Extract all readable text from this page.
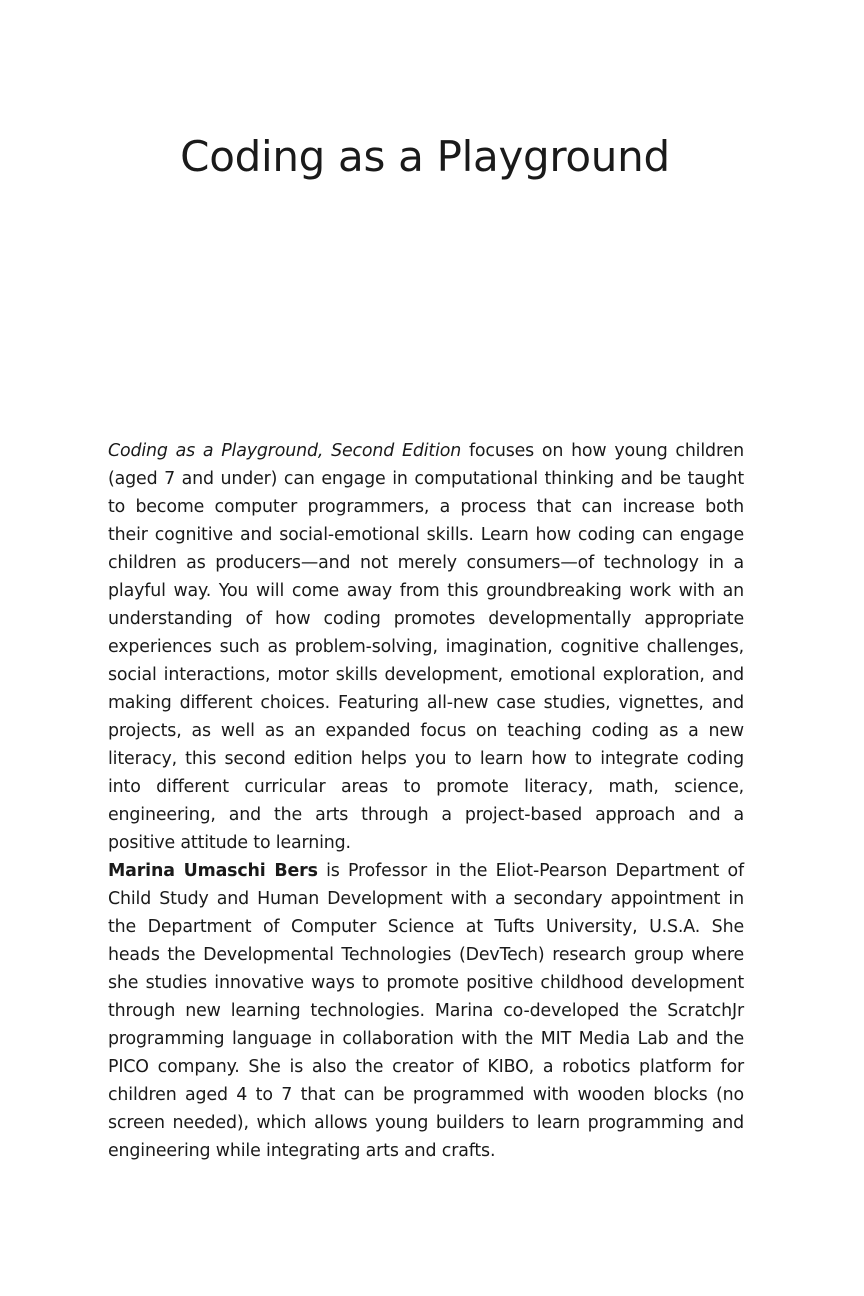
Coding as a Playground

Coding as a Playground, Second Edition focuses on how young children (aged 7 and under) can engage in computational thinking and be taught to become computer programmers, a process that can increase both their cognitive and social-emotional skills. Learn how coding can engage children as producers—and not merely consumers—of technology in a playful way. You will come away from this groundbreaking work with an understanding of how coding promotes developmentally appropriate experiences such as problem-solving, imagination, cognitive challenges, social interactions, motor skills development, emotional exploration, and making different choices. Featuring all-new case studies, vignettes, and projects, as well as an expanded focus on teaching coding as a new literacy, this second edition helps you to learn how to integrate coding into different curricular areas to promote literacy, math, science, engineering, and the arts through a project-based approach and a positive attitude to learning.

Marina Umaschi Bers is Professor in the Eliot-Pearson Department of Child Study and Human Development with a secondary appointment in the Department of Computer Science at Tufts University, U.S.A. She heads the Developmental Technologies (DevTech) research group where she studies innovative ways to promote positive childhood development through new learning technologies. Marina co-developed the ScratchJr programming language in collaboration with the MIT Media Lab and the PICO company. She is also the creator of KIBO, a robotics platform for children aged 4 to 7 that can be programmed with wooden blocks (no screen needed), which allows young builders to learn programming and engineering while integrating arts and crafts.
